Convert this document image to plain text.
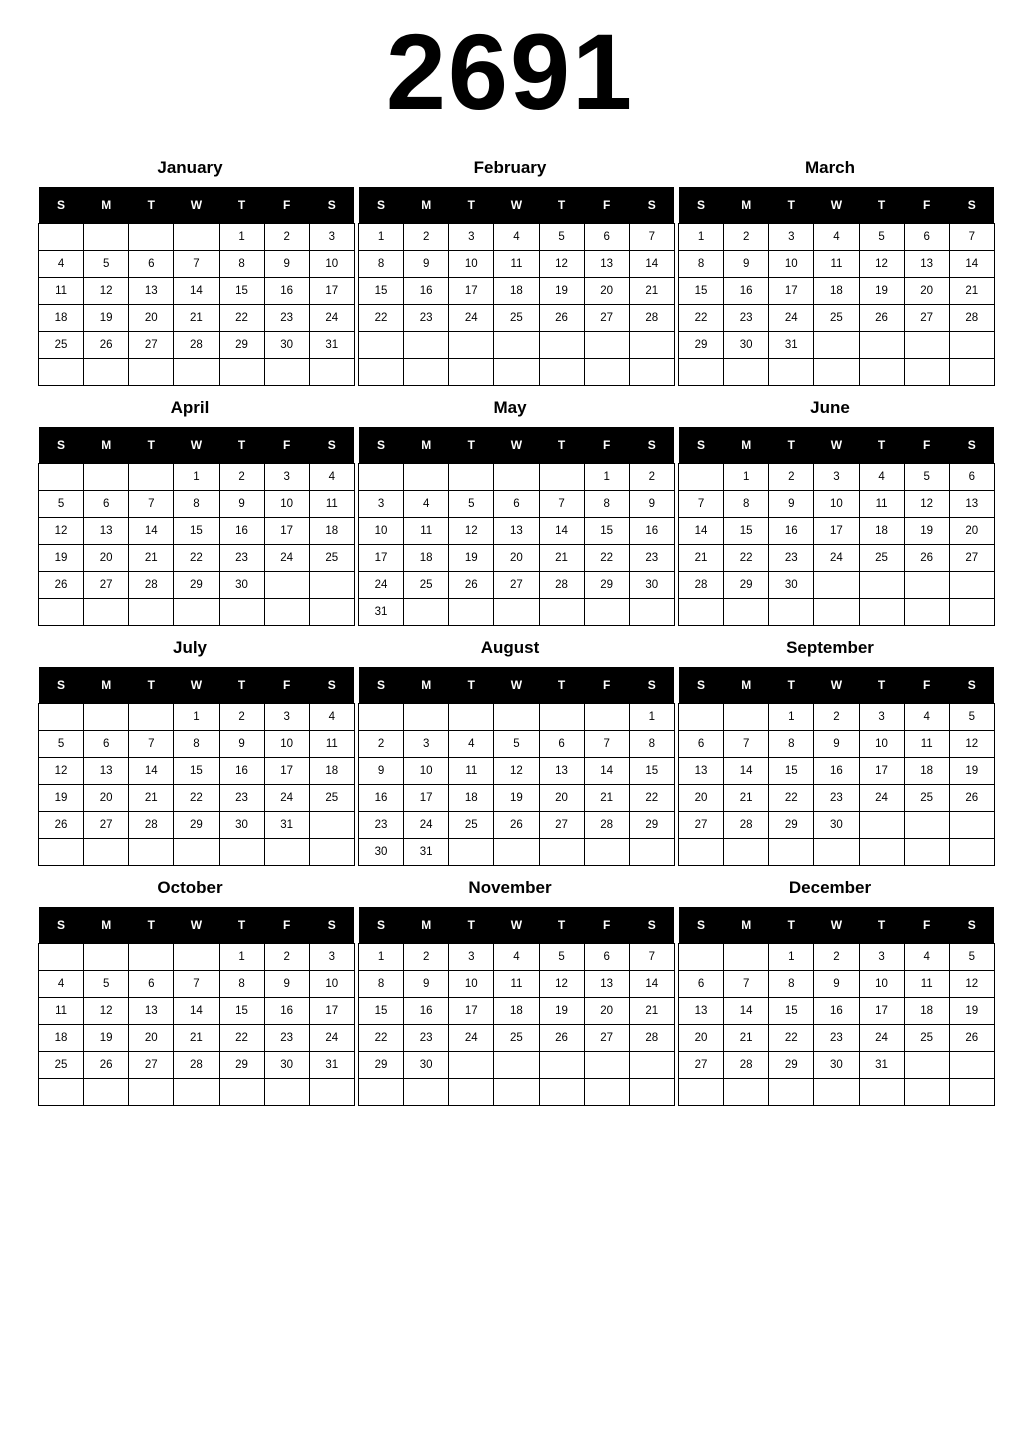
2691
January
S	M	T	W	T	F	S
				1	2	3
4	5	6	7	8	9	10
11	12	13	14	15	16	17
18	19	20	21	22	23	24
25	26	27	28	29	30	31

February
S	M	T	W	T	F	S
1	2	3	4	5	6	7
8	9	10	11	12	13	14
15	16	17	18	19	20	21
22	23	24	25	26	27	28

March
S	M	T	W	T	F	S
1	2	3	4	5	6	7
8	9	10	11	12	13	14
15	16	17	18	19	20	21
22	23	24	25	26	27	28
29	30	31				

April
S	M	T	W	T	F	S
			1	2	3	4
5	6	7	8	9	10	11
12	13	14	15	16	17	18
19	20	21	22	23	24	25
26	27	28	29	30		

May
S	M	T	W	T	F	S
					1	2
3	4	5	6	7	8	9
10	11	12	13	14	15	16
17	18	19	20	21	22	23
24	25	26	27	28	29	30
31						
June
S	M	T	W	T	F	S
	1	2	3	4	5	6
7	8	9	10	11	12	13
14	15	16	17	18	19	20
21	22	23	24	25	26	27
28	29	30				

July
S	M	T	W	T	F	S
			1	2	3	4
5	6	7	8	9	10	11
12	13	14	15	16	17	18
19	20	21	22	23	24	25
26	27	28	29	30	31	

August
S	M	T	W	T	F	S
						1
2	3	4	5	6	7	8
9	10	11	12	13	14	15
16	17	18	19	20	21	22
23	24	25	26	27	28	29
30	31					
September
S	M	T	W	T	F	S
		1	2	3	4	5
6	7	8	9	10	11	12
13	14	15	16	17	18	19
20	21	22	23	24	25	26
27	28	29	30			

October
S	M	T	W	T	F	S
				1	2	3
4	5	6	7	8	9	10
11	12	13	14	15	16	17
18	19	20	21	22	23	24
25	26	27	28	29	30	31

November
S	M	T	W	T	F	S
1	2	3	4	5	6	7
8	9	10	11	12	13	14
15	16	17	18	19	20	21
22	23	24	25	26	27	28
29	30					

December
S	M	T	W	T	F	S
		1	2	3	4	5
6	7	8	9	10	11	12
13	14	15	16	17	18	19
20	21	22	23	24	25	26
27	28	29	30	31		
